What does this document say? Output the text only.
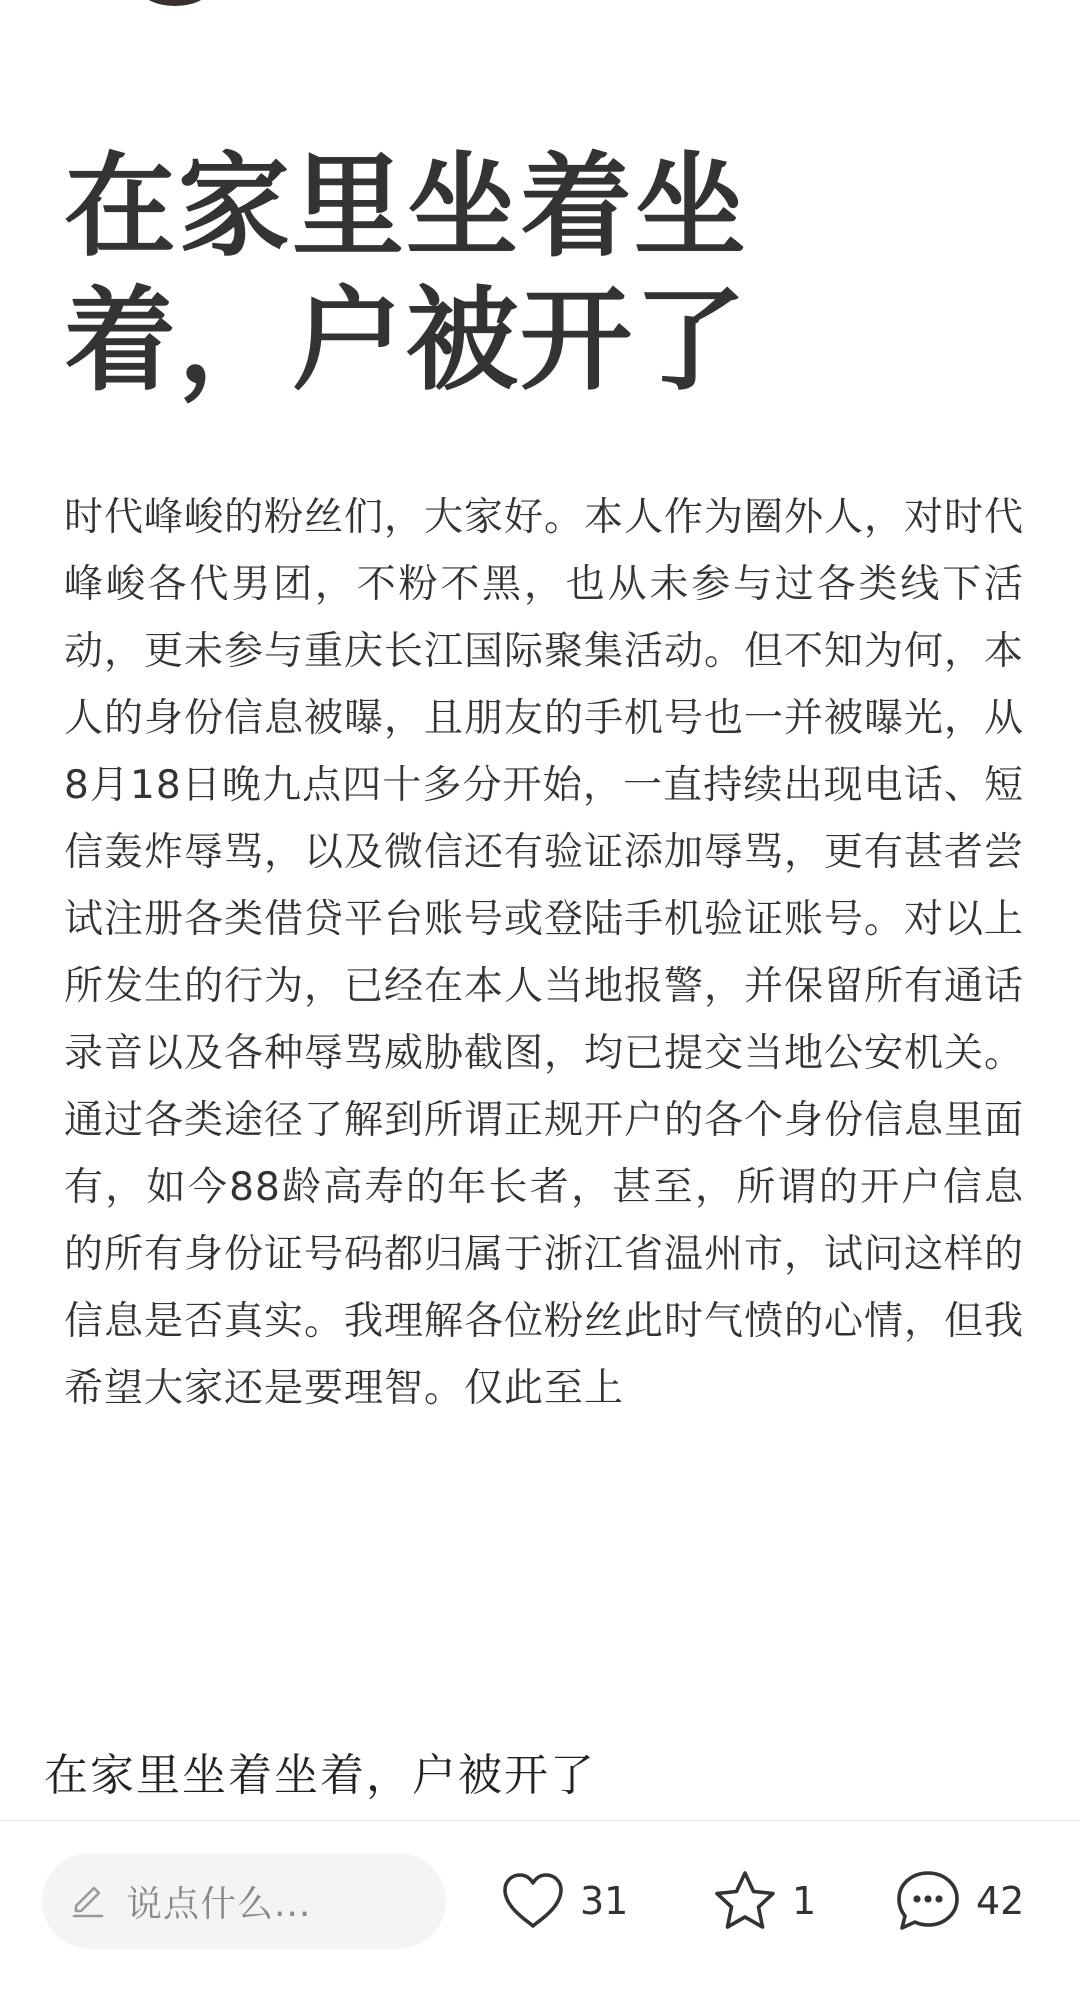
在家里坐着坐着，户被开了

时代峰峻的粉丝们，大家好。本人作为圈外人，对时代峰峻各代男团，不粉不黑，也从未参与过各类线下活动，更未参与重庆长江国际聚集活动。但不知为何，本人的身份信息被曝，且朋友的手机号也一并被曝光，从8月18日晚九点四十多分开始，一直持续出现电话、短信轰炸辱骂，以及微信还有验证添加辱骂，更有甚者尝试注册各类借贷平台账号或登陆手机验证账号。对以上所发生的行为，已经在本人当地报警，并保留所有通话录音以及各种辱骂威胁截图，均已提交当地公安机关。通过各类途径了解到所谓正规开户的各个身份信息里面有，如今88龄高寿的年长者，甚至，所谓的开户信息的所有身份证号码都归属于浙江省温州市，试问这样的信息是否真实。我理解各位粉丝此时气愤的心情，但我希望大家还是要理智。仅此至上

在家里坐着坐着，户被开了
说点什么...	31	1	42
